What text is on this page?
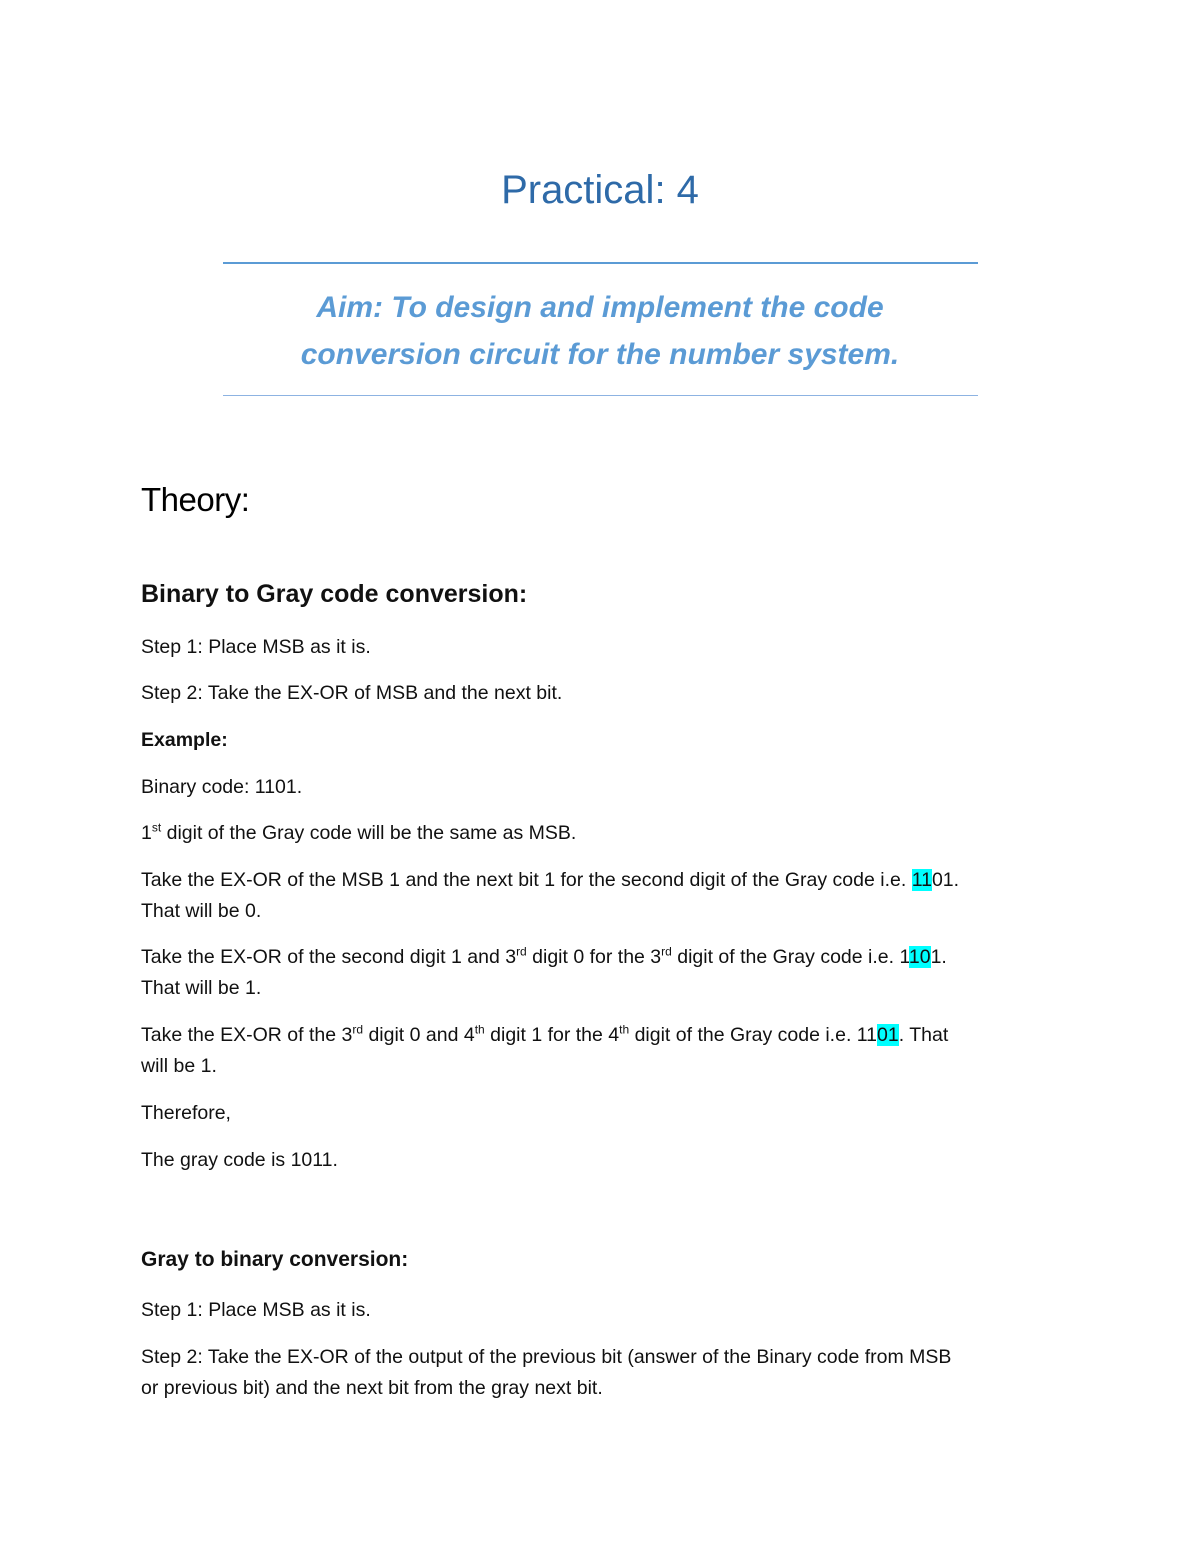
Practical: 4
Aim: To design and implement the code
conversion circuit for the number system.
Theory:
Binary to Gray code conversion:

Step 1: Place MSB as it is.

Step 2: Take the EX-OR of MSB and the next bit.

Example:

Binary code: 1101.

1st digit of the Gray code will be the same as MSB.

Take the EX-OR of the MSB 1 and the next bit 1 for the second digit of the Gray code i.e. 1101.
That will be 0.

Take the EX-OR of the second digit 1 and 3rd digit 0 for the 3rd digit of the Gray code i.e. 1101.
That will be 1.

Take the EX-OR of the 3rd digit 0 and 4th digit 1 for the 4th digit of the Gray code i.e. 1101. That
will be 1.

Therefore,

The gray code is 1011.

Gray to binary conversion:

Step 1: Place MSB as it is.

Step 2: Take the EX-OR of the output of the previous bit (answer of the Binary code from MSB
or previous bit) and the next bit from the gray next bit.
